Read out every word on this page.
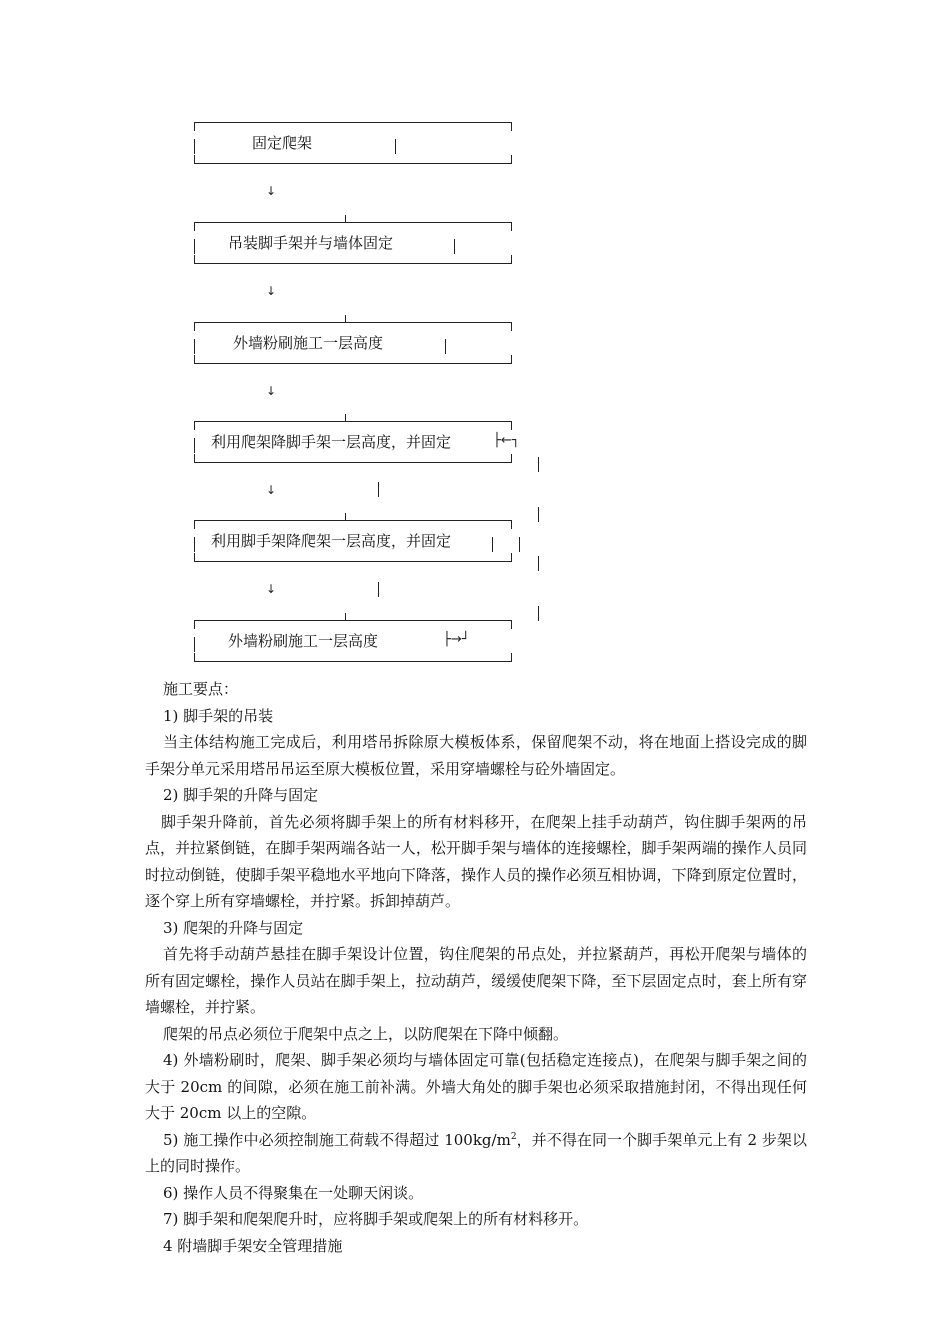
固定爬架
↓
吊装脚手架并与墙体固定
↓
外墙粉刷施工一层高度
↓
利用爬架降脚手架一层高度，并固定	├←┐
↓
利用脚手架降爬架一层高度，并固定
↓
外墙粉刷施工一层高度	├→┘

施工要点：

1) 脚手架的吊装

当主体结构施工完成后，利用塔吊拆除原大模板体系，保留爬架不动，将在地面上搭设完成的脚手架分单元采用塔吊吊运至原大模板位置，采用穿墙螺栓与砼外墙固定。

2) 脚手架的升降与固定

脚手架升降前，首先必须将脚手架上的所有材料移开，在爬架上挂手动葫芦，钩住脚手架两的吊点，并拉紧倒链，在脚手架两端各站一人，松开脚手架与墙体的连接螺栓，脚手架两端的操作人员同时拉动倒链，使脚手架平稳地水平地向下降落，操作人员的操作必须互相协调，下降到原定位置时，逐个穿上所有穿墙螺栓，并拧紧。拆卸掉葫芦。

3) 爬架的升降与固定

首先将手动葫芦悬挂在脚手架设计位置，钩住爬架的吊点处，并拉紧葫芦，再松开爬架与墙体的所有固定螺栓，操作人员站在脚手架上，拉动葫芦，缓缓使爬架下降，至下层固定点时，套上所有穿墙螺栓，并拧紧。

爬架的吊点必须位于爬架中点之上，以防爬架在下降中倾翻。

4) 外墙粉刷时，爬架、脚手架必须均与墙体固定可靠(包括稳定连接点)，在爬架与脚手架之间的大于 20cm 的间隙，必须在施工前补满。外墙大角处的脚手架也必须采取措施封闭，不得出现任何大于 20cm 以上的空隙。

5) 施工操作中必须控制施工荷载不得超过 $100kg/m^2$，并不得在同一个脚手架单元上有 2 步架以上的同时操作。

6) 操作人员不得聚集在一处聊天闲谈。

7) 脚手架和爬架爬升时，应将脚手架或爬架上的所有材料移开。

4 附墙脚手架安全管理措施
